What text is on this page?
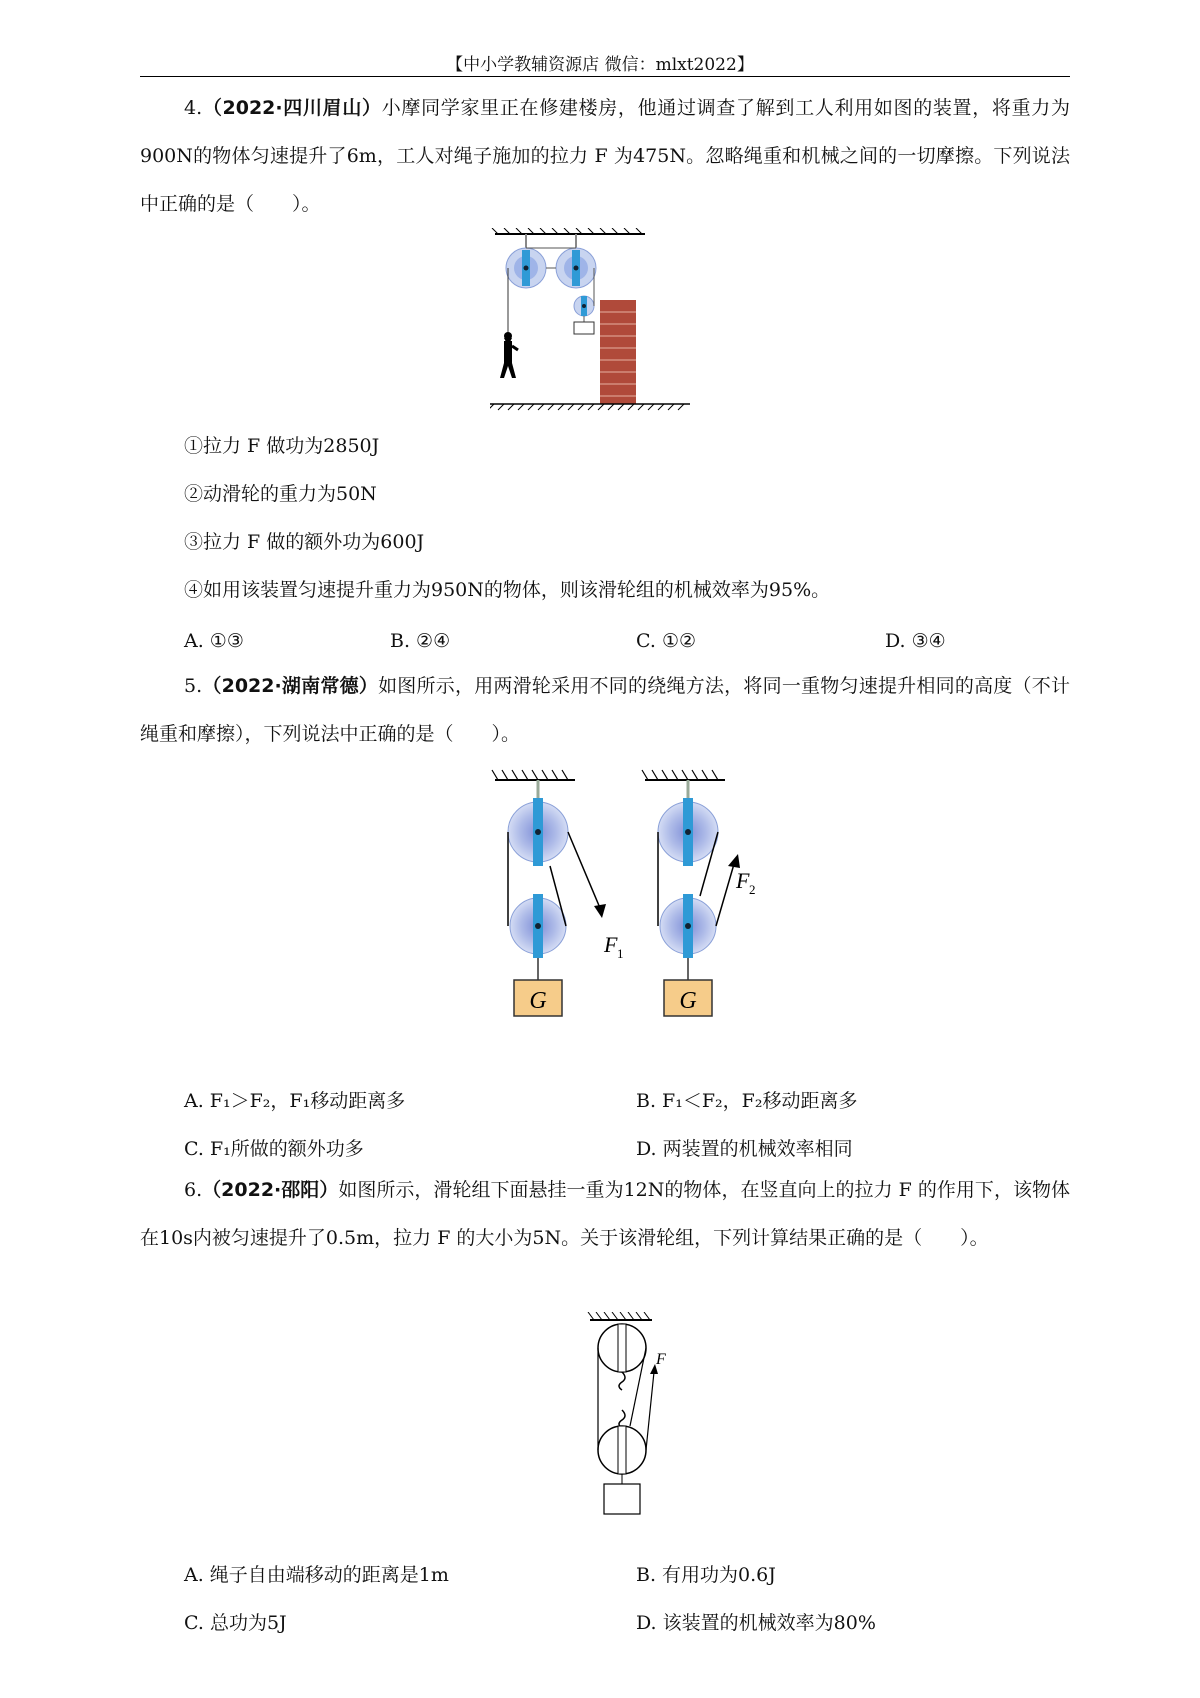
【中小学教辅资源店 微信：mlxt2022】
4.（2022·四川眉山）小摩同学家里正在修建楼房，他通过调查了解到工人利用如图的装置，将重力为900N的物体匀速提升了6m，工人对绳子施加的拉力 F 为475N。忽略绳重和机械之间的一切摩擦。下列说法中正确的是（　　）。
①拉力 F 做功为2850J
②动滑轮的重力为50N
③拉力 F 做的额外功为600J
④如用该装置匀速提升重力为950N的物体，则该滑轮组的机械效率为95%。
A. ①③	B. ②④	C. ①②	D. ③④
5.（2022·湖南常德）如图所示，用两滑轮采用不同的绕绳方法，将同一重物匀速提升相同的高度（不计绳重和摩擦），下列说法中正确的是（　　）。
G
F 1
G
F 2
A. F₁＞F₂，F₁移动距离多	B. F₁＜F₂，F₂移动距离多
C. F₁所做的额外功多	D. 两装置的机械效率相同
6.（2022·邵阳）如图所示，滑轮组下面悬挂一重为12N的物体，在竖直向上的拉力 F 的作用下，该物体在10s内被匀速提升了0.5m，拉力 F 的大小为5N。关于该滑轮组，下列计算结果正确的是（　　）。
F
A. 绳子自由端移动的距离是1m	B. 有用功为0.6J
C. 总功为5J	D. 该装置的机械效率为80%
